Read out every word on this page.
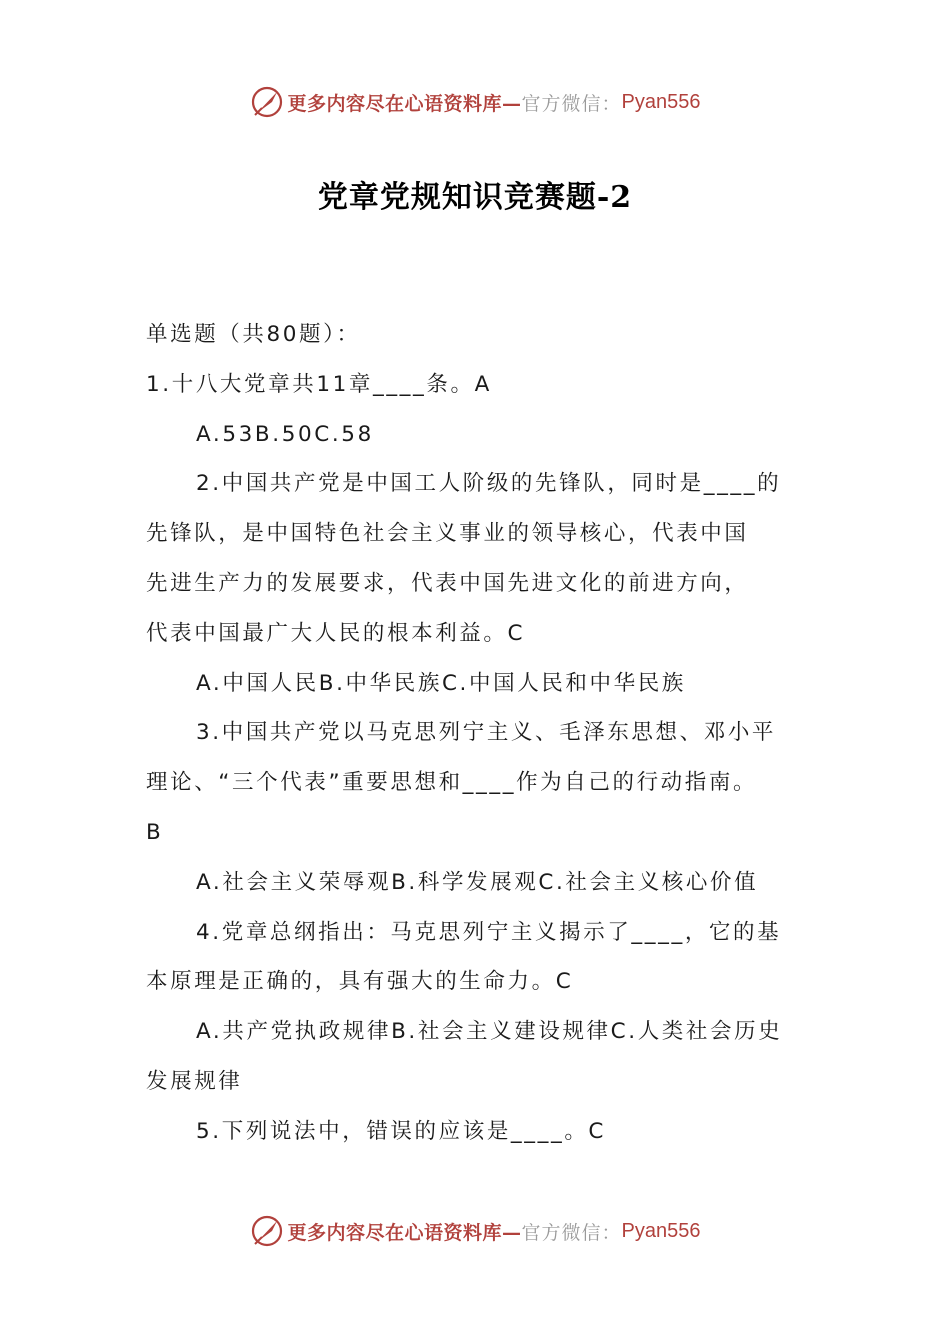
更多内容尽在心语资料库— 官方微信： Pyan556
党章党规知识竞赛题-2

单选题（共80题）：

1.十八大党章共11章____条。A

A.53B.50C.58

2.中国共产党是中国工人阶级的先锋队，同时是____的

先锋队，是中国特色社会主义事业的领导核心，代表中国

先进生产力的发展要求，代表中国先进文化的前进方向，

代表中国最广大人民的根本利益。C

A.中国人民B.中华民族C.中国人民和中华民族

3.中国共产党以马克思列宁主义、毛泽东思想、邓小平

理论、“三个代表”重要思想和____作为自己的行动指南。

B

A.社会主义荣辱观B.科学发展观C.社会主义核心价值

4.党章总纲指出：马克思列宁主义揭示了____，它的基

本原理是正确的，具有强大的生命力。C

A.共产党执政规律B.社会主义建设规律C.人类社会历史

发展规律

5.下列说法中，错误的应该是____。C

更多内容尽在心语资料库— 官方微信： Pyan556
